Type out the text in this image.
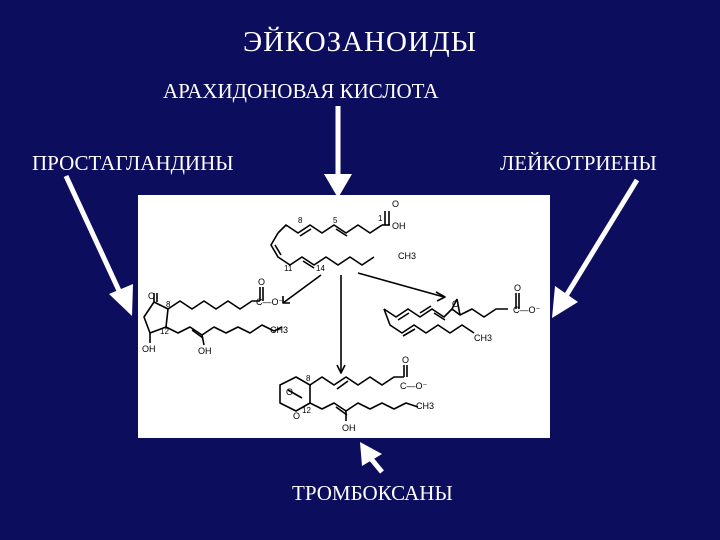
ЭЙКОЗАНОИДЫ
АРАХИДОНОВАЯ КИСЛОТА
ПРОСТАГЛАНДИНЫ	ЛЕЙКОТРИЕНЫ
ТРОМБОКСАНЫ
8	5	1
O
OH
11	14
CH3
O
8
12
C—O⁻
O
CH3
OH	OH
O
C—O⁻
O
CH3
O
O
8
12
C—O⁻
O
CH3
OH
